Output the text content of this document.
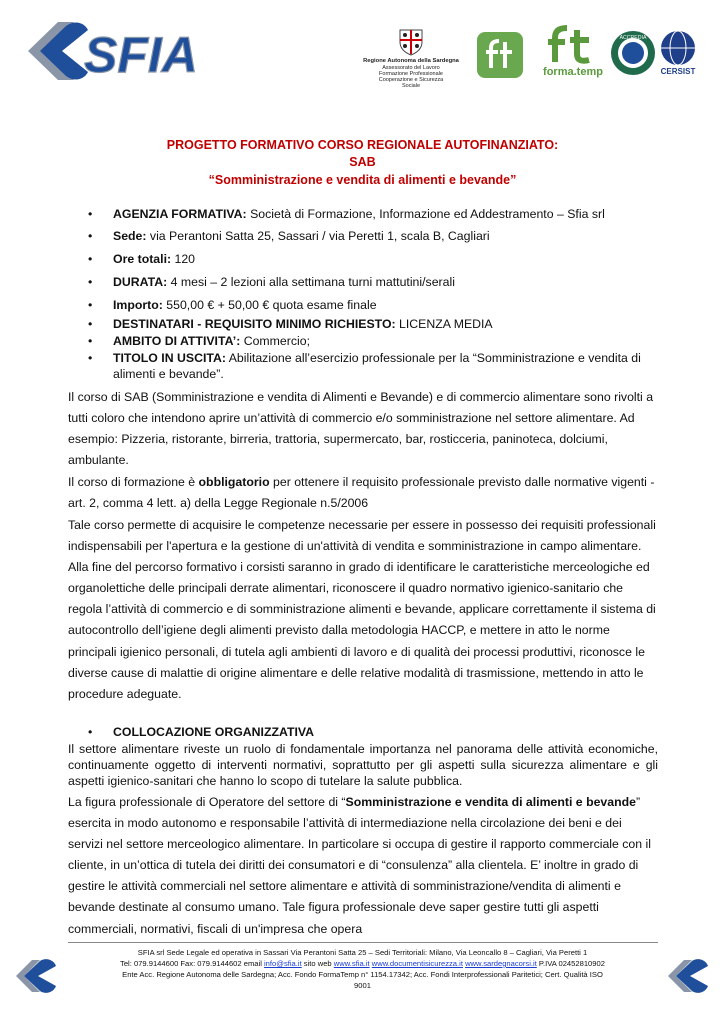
SFIA	Regione Autonoma della Sardegna
Assessorato del Lavoro Formazione Professionale Cooperazione e Sicurezza Sociale
forma.temp
ACCREDIA
CERSIST
PROGETTO FORMATIVO CORSO REGIONALE AUTOFINANZIATO:
SAB
“Somministrazione e vendita di alimenti e bevande”
• AGENZIA FORMATIVA: Società di Formazione, Informazione ed Addestramento – Sfia srl
• Sede: via Perantoni Satta 25, Sassari / via Peretti 1, scala B, Cagliari
• Ore totali: 120
• DURATA: 4 mesi – 2 lezioni alla settimana turni mattutini/serali
• Importo: 550,00 € + 50,00 € quota esame finale
• DESTINATARI - REQUISITO MINIMO RICHIESTO: LICENZA MEDIA
• AMBITO DI ATTIVITA’: Commercio;
• TITOLO IN USCITA: Abilitazione all’esercizio professionale per la “Somministrazione e vendita di alimenti e bevande”.
Il corso di SAB (Somministrazione e vendita di Alimenti e Bevande) e di commercio alimentare sono rivolti a tutti coloro che intendono aprire un’attività di commercio e/o somministrazione nel settore alimentare. Ad esempio: Pizzeria, ristorante, birreria, trattoria, supermercato, bar, rosticceria, paninoteca, dolciumi, ambulante.
Il corso di formazione è obbligatorio per ottenere il requisito professionale previsto dalle normative vigenti - art. 2, comma 4 lett. a) della Legge Regionale n.5/2006
Tale corso permette di acquisire le competenze necessarie per essere in possesso dei requisiti professionali indispensabili per l'apertura e la gestione di un'attività di vendita e somministrazione in campo alimentare. Alla fine del percorso formativo i corsisti saranno in grado di identificare le caratteristiche merceologiche ed organolettiche delle principali derrate alimentari, riconoscere il quadro normativo igienico-sanitario che regola l’attività di commercio e di somministrazione alimenti e bevande, applicare correttamente il sistema di autocontrollo dell’igiene degli alimenti previsto dalla metodologia HACCP, e mettere in atto le norme principali igienico personali, di tutela agli ambienti di lavoro e di qualità dei processi produttivi, riconosce le diverse cause di malattie di origine alimentare e delle relative modalità di trasmissione, mettendo in atto le procedure adeguate.
• COLLOCAZIONE ORGANIZZATIVA
Il settore alimentare riveste un ruolo di fondamentale importanza nel panorama delle attività economiche, continuamente oggetto di interventi normativi, soprattutto per gli aspetti sulla sicurezza alimentare e gli aspetti igienico-sanitari che hanno lo scopo di tutelare la salute pubblica.
La figura professionale di Operatore del settore di “Somministrazione e vendita di alimenti e bevande” esercita in modo autonomo e responsabile l’attività di intermediazione nella circolazione dei beni e dei servizi nel settore merceologico alimentare. In particolare si occupa di gestire il rapporto commerciale con il cliente, in un’ottica di tutela dei diritti dei consumatori e di “consulenza” alla clientela. E’ inoltre in grado di gestire le attività commerciali nel settore alimentare e attività di somministrazione/vendita di alimenti e bevande destinate al consumo umano. Tale figura professionale deve saper gestire tutti gli aspetti commerciali, normativi, fiscali di un'impresa che opera
SFIA srl Sede Legale ed operativa in Sassari Via Perantoni Satta 25 – Sedi Territoriali: Milano, Via Leoncallo 8 – Cagliari, Via Peretti 1
Tel: 079.9144600 Fax: 079.9144602 email info@sfia.it sito web www.sfia.it www.documentisicurezza.it www.sardegnacorsi.it P.IVA 02452810902
Ente Acc. Regione Autonoma delle Sardegna; Acc. Fondo FormaTemp n° 1154.17342; Acc. Fondi Interprofessionali Paritetici; Cert. Qualità ISO
9001
